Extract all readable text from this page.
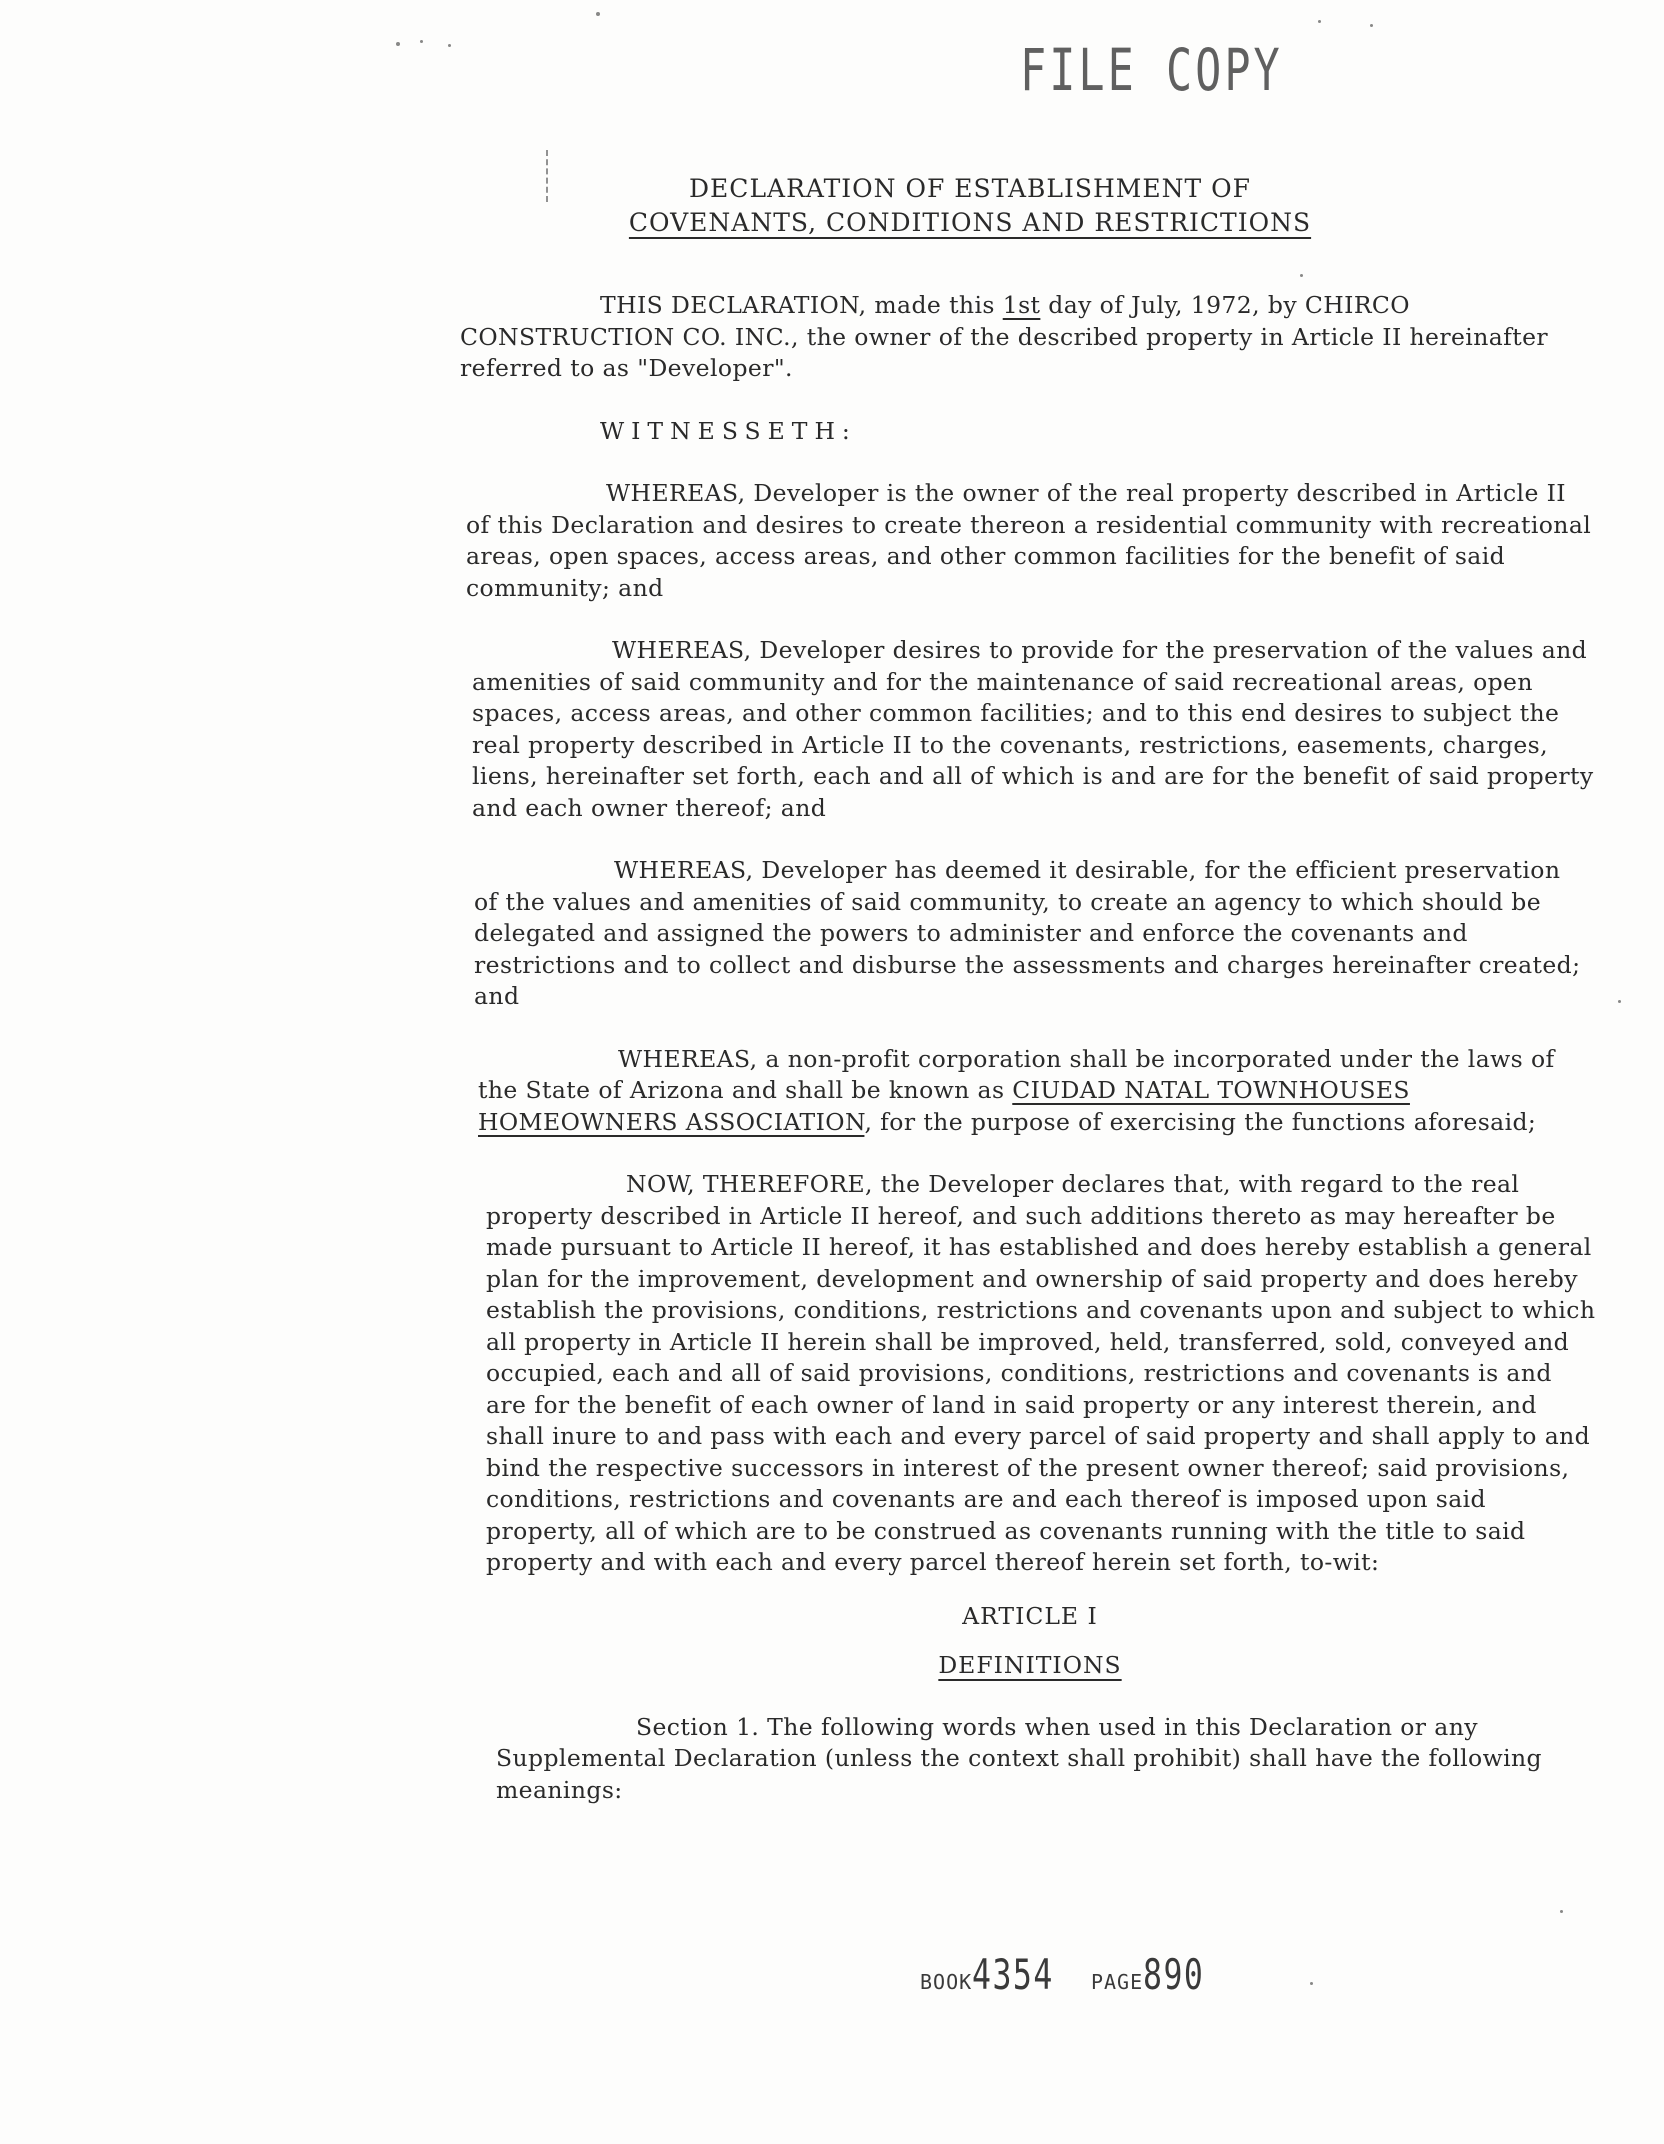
FILE COPY
DECLARATION OF ESTABLISHMENT OF
COVENANTS, CONDITIONS AND RESTRICTIONS

THIS DECLARATION, made this 1st day of July, 1972, by CHIRCO CONSTRUCTION CO. INC., the owner of the described property in Article II hereinafter referred to as "Developer".

WITNESSETH:

WHEREAS, Developer is the owner of the real property described in Article II of this Declaration and desires to create thereon a residential community with recreational areas, open spaces, access areas, and other common facilities for the benefit of said community; and

WHEREAS, Developer desires to provide for the preservation of the values and amenities of said community and for the maintenance of said recreational areas, open spaces, access areas, and other common facilities; and to this end desires to subject the real property described in Article II to the covenants, restrictions, easements, charges, liens, hereinafter set forth, each and all of which is and are for the benefit of said property and each owner thereof; and

WHEREAS, Developer has deemed it desirable, for the efficient preservation of the values and amenities of said community, to create an agency to which should be delegated and assigned the powers to administer and enforce the covenants and restrictions and to collect and disburse the assessments and charges hereinafter created; and

WHEREAS, a non-profit corporation shall be incorporated under the laws of the State of Arizona and shall be known as CIUDAD NATAL TOWNHOUSES HOMEOWNERS ASSOCIATION, for the purpose of exercising the functions aforesaid;

NOW, THEREFORE, the Developer declares that, with regard to the real property described in Article II hereof, and such additions thereto as may hereafter be made pursuant to Article II hereof, it has established and does hereby establish a general plan for the improvement, development and ownership of said property and does hereby establish the provisions, conditions, restrictions and covenants upon and subject to which all property in Article II herein shall be improved, held, transferred, sold, conveyed and occupied, each and all of said provisions, conditions, restrictions and covenants is and are for the benefit of each owner of land in said property or any interest therein, and shall inure to and pass with each and every parcel of said property and shall apply to and bind the respective successors in interest of the present owner thereof; said provisions, conditions, restrictions and covenants are and each thereof is imposed upon said property, all of which are to be construed as covenants running with the title to said property and with each and every parcel thereof herein set forth, to-wit:

ARTICLE I

DEFINITIONS

Section 1. The following words when used in this Declaration or any Supplemental Declaration (unless the context shall prohibit) shall have the following meanings:

BOOK4354 PAGE890
